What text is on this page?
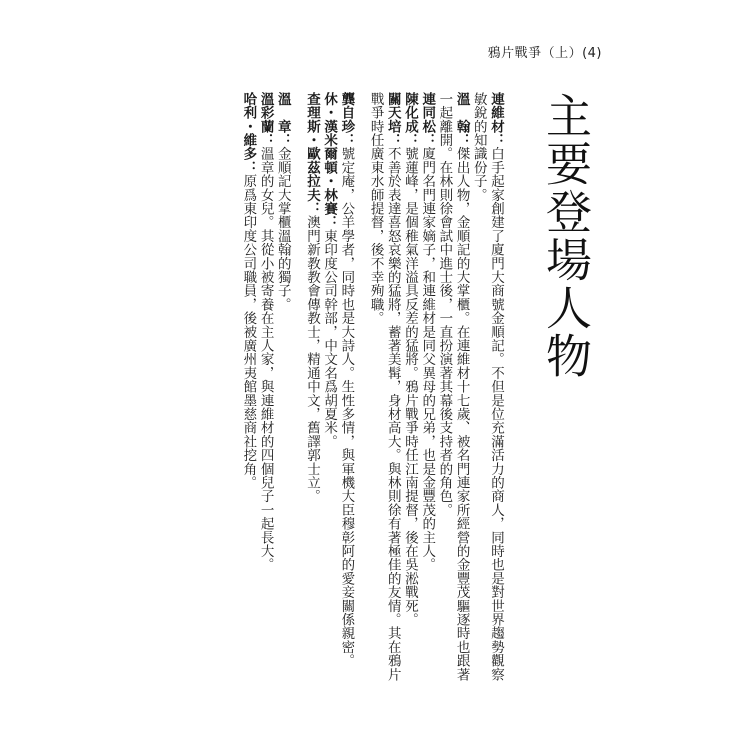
鴉片戰爭（上）(4)
主要登場人物

連維材：白手起家創建了廈門大商號金順記。不但是位充滿活力的商人，同時也是對世界趨勢觀察敏銳的知識份子。

溫　翰：傑出人物，金順記的大掌櫃。在連維材十七歲、被名門連家所經營的金豐茂驅逐時也跟著一起離開。在林則徐會試中進士後，一直扮演著其幕後支持者的角色。

連同松：廈門名門連家嫡子，和連維材是同父異母的兄弟，也是金豐茂的主人。

陳化成：號蓮峰，是個稚氣洋溢具反差的猛將。鴉片戰爭時任江南提督，後在吳淞戰死。

關天培：不善於表達喜怒哀樂的猛將，蓄著美髯，身材高大。與林則徐有著極佳的友情。其在鴉片戰爭時任廣東水師提督，後不幸殉職。

龔自珍：號定庵，公羊學者，同時也是大詩人。生性多情，與軍機大臣穆彰阿的愛妾關係親密。

休・漢米爾頓・林賽：東印度公司幹部，中文名爲胡夏米。

查理斯・歐茲拉夫：澳門新教教會傳教士，精通中文，舊譯郭士立。

溫　章：金順記大掌櫃溫翰的獨子。

溫彩蘭：溫章的女兒。其從小被寄養在主人家，與連維材的四個兒子一起長大。

哈利・維多：原爲東印度公司職員，後被廣州夷館墨慈商社挖角。
